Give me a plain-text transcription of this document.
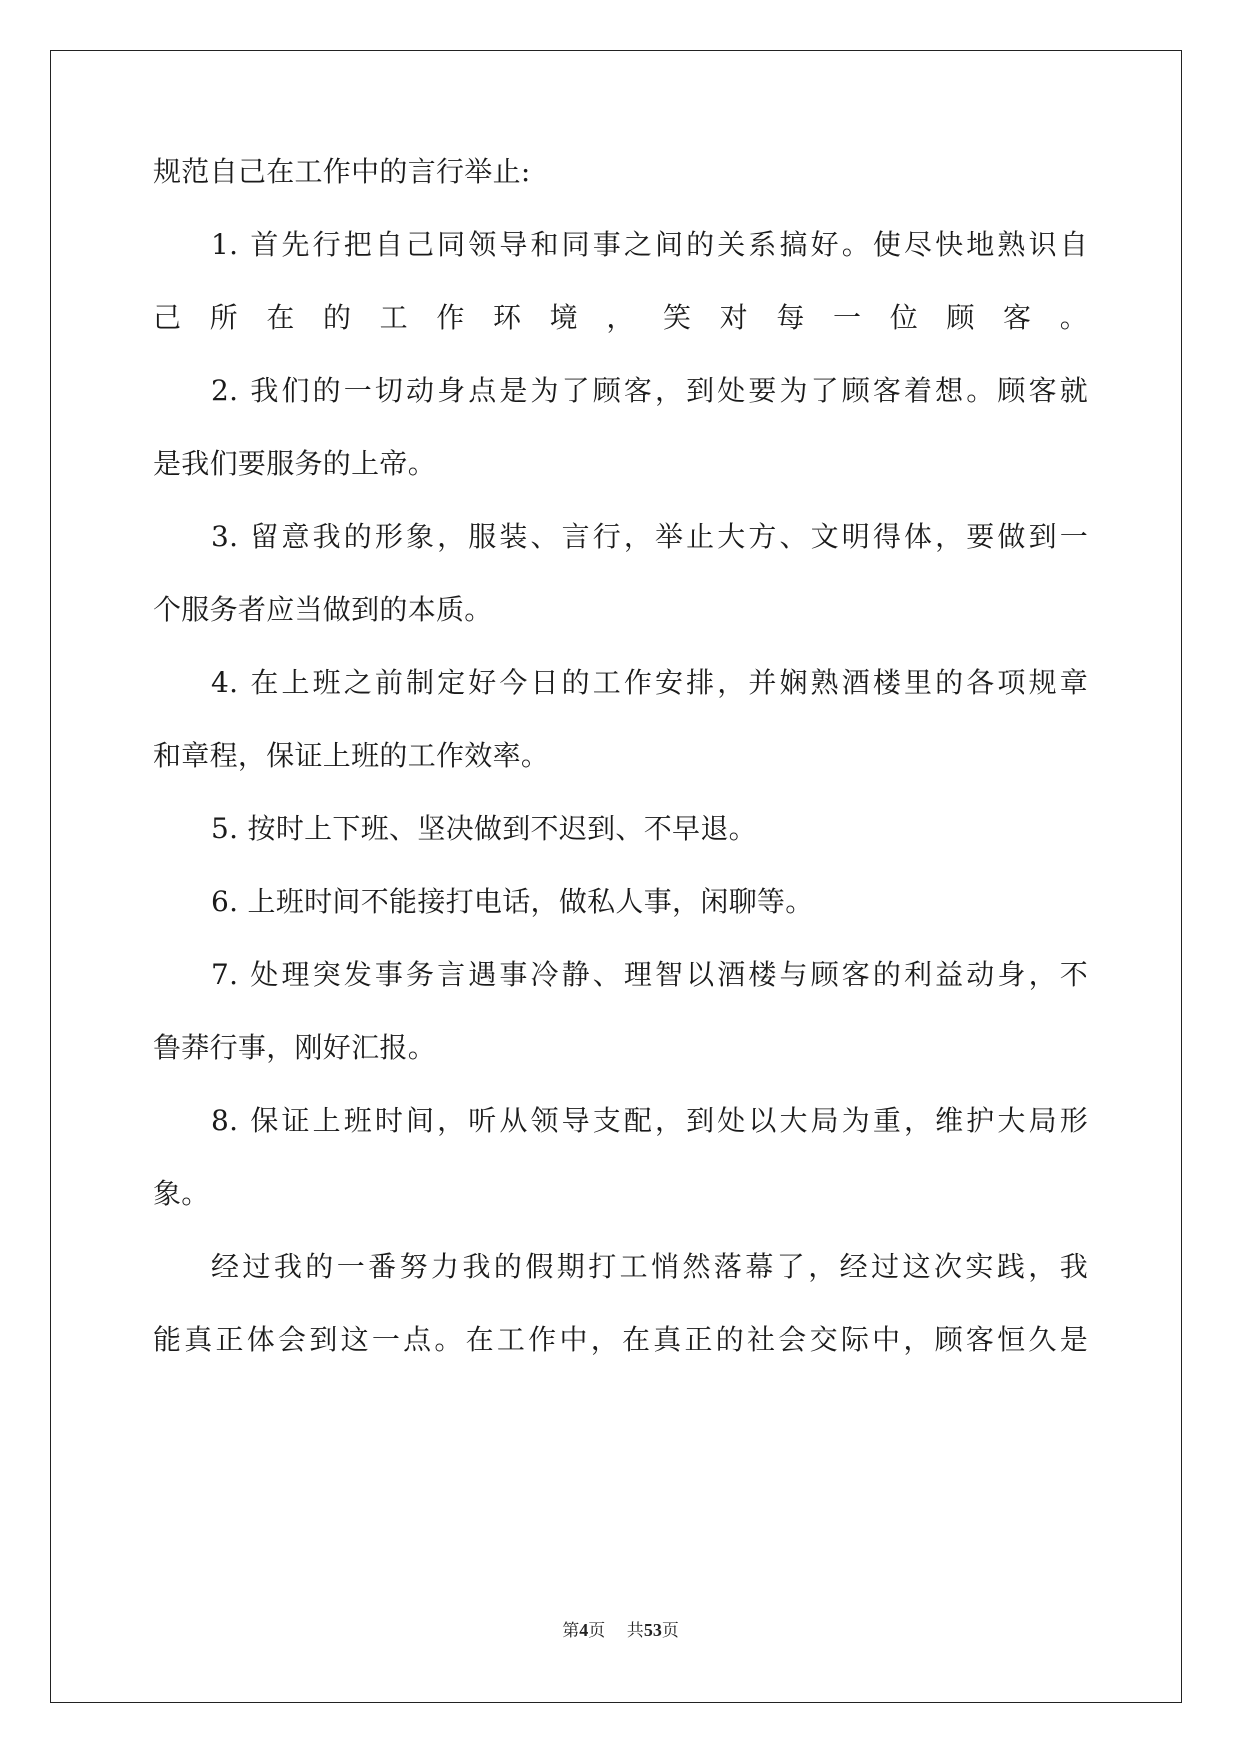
规范自己在工作中的言行举止:
1. 首先行把自己同领导和同事之间的关系搞好。使尽快地熟识自
己所在的工作环境，笑对每一位顾客。
2. 我们的一切动身点是为了顾客，到处要为了顾客着想。顾客就
是我们要服务的上帝。
3. 留意我的形象，服装、言行，举止大方、文明得体，要做到一
个服务者应当做到的本质。
4. 在上班之前制定好今日的工作安排，并娴熟酒楼里的各项规章
和章程，保证上班的工作效率。
5. 按时上下班、坚决做到不迟到、不早退。
6. 上班时间不能接打电话，做私人事，闲聊等。
7. 处理突发事务言遇事冷静、理智以酒楼与顾客的利益动身，不
鲁莽行事，刚好汇报。
8. 保证上班时间，听从领导支配，到处以大局为重，维护大局形
象。
经过我的一番努力我的假期打工悄然落幕了，经过这次实践，我
能真正体会到这一点。在工作中，在真正的社会交际中，顾客恒久是
第4页    共53页
